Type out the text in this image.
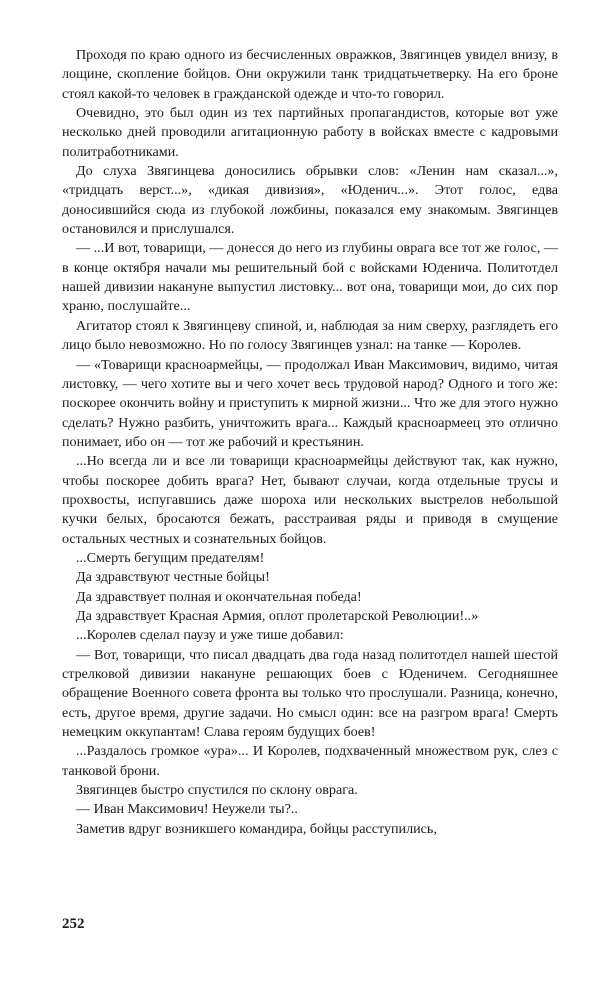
Проходя по краю одного из бесчисленных овражков, Звягинцев увидел внизу, в лощине, скопление бойцов. Они окружили танк тридцатьчетверку. На его броне стоял какой-то человек в гражданской одежде и что-то говорил.

Очевидно, это был один из тех партийных пропагандистов, которые вот уже несколько дней проводили агитационную работу в войсках вместе с кадровыми политработниками.

До слуха Звягинцева доносились обрывки слов: «Ленин нам сказал...», «тридцать верст...», «дикая дивизия», «Юденич...». Этот голос, едва доносившийся сюда из глубокой ложбины, показался ему знакомым. Звягинцев остановился и прислушался.

— ...И вот, товарищи, — донесся до него из глубины оврага все тот же голос, — в конце октября начали мы решительный бой с войсками Юденича. Политотдел нашей дивизии накануне выпустил листовку... вот она, товарищи мои, до сих пор храню, послушайте...

Агитатор стоял к Звягинцеву спиной, и, наблюдая за ним сверху, разглядеть его лицо было невозможно. Но по голосу Звягинцев узнал: на танке — Королев.

— «Товарищи красноармейцы, — продолжал Иван Максимович, видимо, читая листовку, — чего хотите вы и чего хочет весь трудовой народ? Одного и того же: поскорее окончить войну и приступить к мирной жизни... Что же для этого нужно сделать? Нужно разбить, уничтожить врага... Каждый красноармеец это отлично понимает, ибо он — тот же рабочий и крестьянин.

...Но всегда ли и все ли товарищи красноармейцы действуют так, как нужно, чтобы поскорее добить врага? Нет, бывают случаи, когда отдельные трусы и прохвосты, испугавшись даже шороха или нескольких выстрелов небольшой кучки белых, бросаются бежать, расстраивая ряды и приводя в смущение остальных честных и сознательных бойцов.

...Смерть бегущим предателям!

Да здравствуют честные бойцы!

Да здравствует полная и окончательная победа!

Да здравствует Красная Армия, оплот пролетарской Революции!..»

...Королев сделал паузу и уже тише добавил:

— Вот, товарищи, что писал двадцать два года назад политотдел нашей шестой стрелковой дивизии накануне решающих боев с Юденичем. Сегодняшнее обращение Военного совета фронта вы только что прослушали. Разница, конечно, есть, другое время, другие задачи. Но смысл один: все на разгром врага! Смерть немецким оккупантам! Слава героям будущих боев!

...Раздалось громкое «ура»... И Королев, подхваченный множеством рук, слез с танковой брони.

Звягинцев быстро спустился по склону оврага.

— Иван Максимович! Неужели ты?..

Заметив вдруг возникшего командира, бойцы расступились,

252
